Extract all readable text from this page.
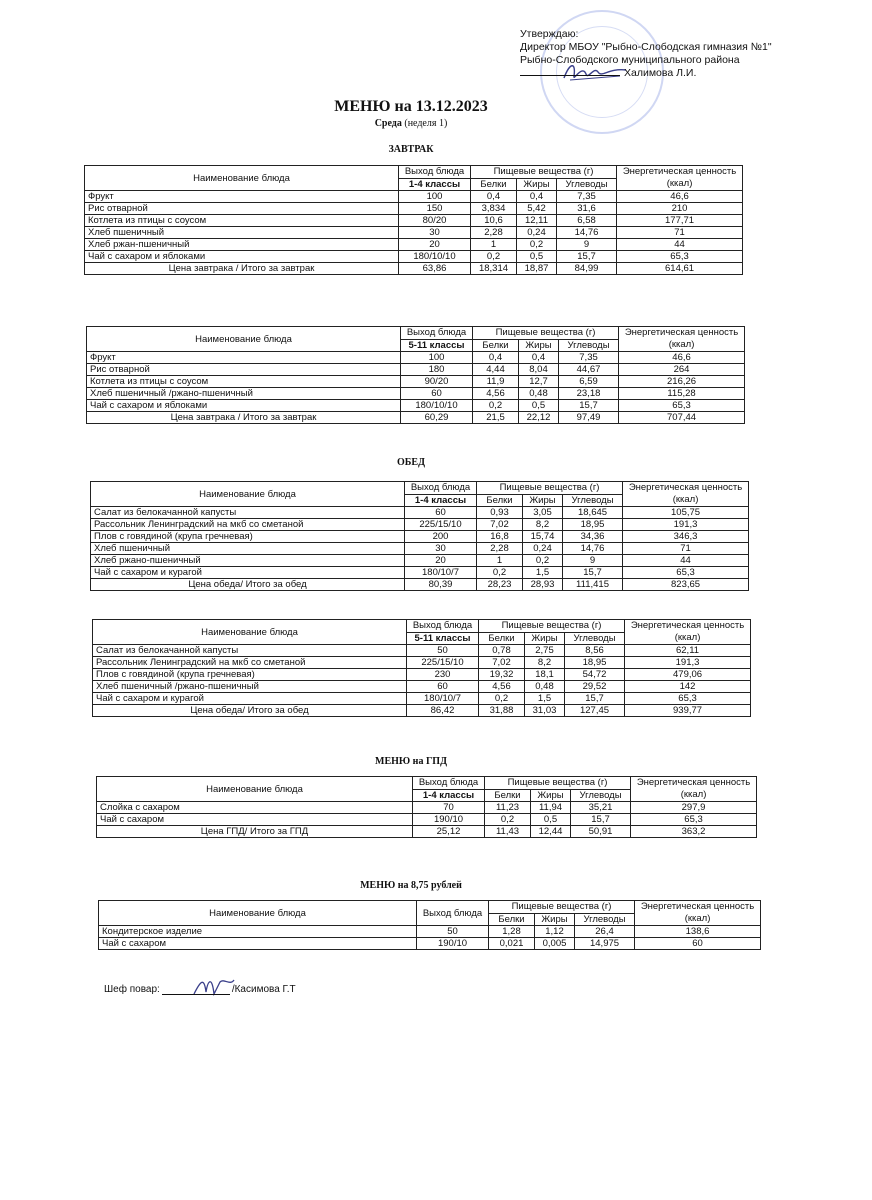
Утверждаю:
Директор МБОУ "Рыбно-Слободская гимназия №1"
Рыбно-Слободского муниципального района
Халимова Л.И.
МЕНЮ на 13.12.2023
Среда (неделя 1)
ЗАВТРАК
Наименование блюда	Выход блюда	Пищевые вещества (г)			Энергетическая ценность (ккал)
	1-4 классы	Белки	Жиры	Углеводы	
Фрукт	100	0,4	0,4	7,35	46,6
Рис отварной	150	3,834	5,42	31,6	210
Котлета из птицы с соусом	80/20	10,6	12,11	6,58	177,71
Хлеб пшеничный	30	2,28	0,24	14,76	71
Хлеб ржан-пшеничный	20	1	0,2	9	44
Чай с сахаром и яблоками	180/10/10	0,2	0,5	15,7	65,3
Цена завтрака / Итого за завтрак	63,86	18,314	18,87	84,99	614,61
Наименование блюда	Выход блюда	Пищевые вещества (г)			Энергетическая ценность (ккал)
	5-11 классы	Белки	Жиры	Углеводы	
Фрукт	100	0,4	0,4	7,35	46,6
Рис отварной	180	4,44	8,04	44,67	264
Котлета из птицы с соусом	90/20	11,9	12,7	6,59	216,26
Хлеб пшеничный /ржано-пшеничный	60	4,56	0,48	23,18	115,28
Чай с сахаром и яблоками	180/10/10	0,2	0,5	15,7	65,3
Цена завтрака / Итого за завтрак	60,29	21,5	22,12	97,49	707,44
ОБЕД
Наименование блюда	Выход блюда	Пищевые вещества (г)			Энергетическая ценность (ккал)
	1-4 классы	Белки	Жиры	Углеводы	
Салат из белокачанной капусты	60	0,93	3,05	18,645	105,75
Рассольник Ленинградский на мкб со сметаной	225/15/10	7,02	8,2	18,95	191,3
Плов с говядиной (крупа гречневая)	200	16,8	15,74	34,36	346,3
Хлеб пшеничный	30	2,28	0,24	14,76	71
Хлеб ржано-пшеничный	20	1	0,2	9	44
Чай с сахаром и курагой	180/10/7	0,2	1,5	15,7	65,3
Цена обеда/ Итого за обед	80,39	28,23	28,93	111,415	823,65
Наименование блюда	Выход блюда	Пищевые вещества (г)			Энергетическая ценность (ккал)
	5-11 классы	Белки	Жиры	Углеводы	
Салат из белокачанной капусты	50	0,78	2,75	8,56	62,11
Рассольник Ленинградский на мкб со сметаной	225/15/10	7,02	8,2	18,95	191,3
Плов с говядиной (крупа гречневая)	230	19,32	18,1	54,72	479,06
Хлеб пшеничный /ржано-пшеничный	60	4,56	0,48	29,52	142
Чай с сахаром и курагой	180/10/7	0,2	1,5	15,7	65,3
Цена обеда/ Итого за обед	86,42	31,88	31,03	127,45	939,77
МЕНЮ на ГПД
Наименование блюда	Выход блюда	Пищевые вещества (г)			Энергетическая ценность (ккал)
	1-4 классы	Белки	Жиры	Углеводы	
Слойка с сахаром	70	11,23	11,94	35,21	297,9
Чай с сахаром	190/10	0,2	0,5	15,7	65,3
Цена ГПД/ Итого за ГПД	25,12	11,43	12,44	50,91	363,2
МЕНЮ на 8,75 рублей
Наименование блюда	Выход блюда	Пищевые вещества (г)			Энергетическая ценность (ккал)
		Белки	Жиры	Углеводы	
Кондитерское изделие	50	1,28	1,12	26,4	138,6
Чай с сахаром	190/10	0,021	0,005	14,975	60
Шеф повар:	/Касимова Г.Т
